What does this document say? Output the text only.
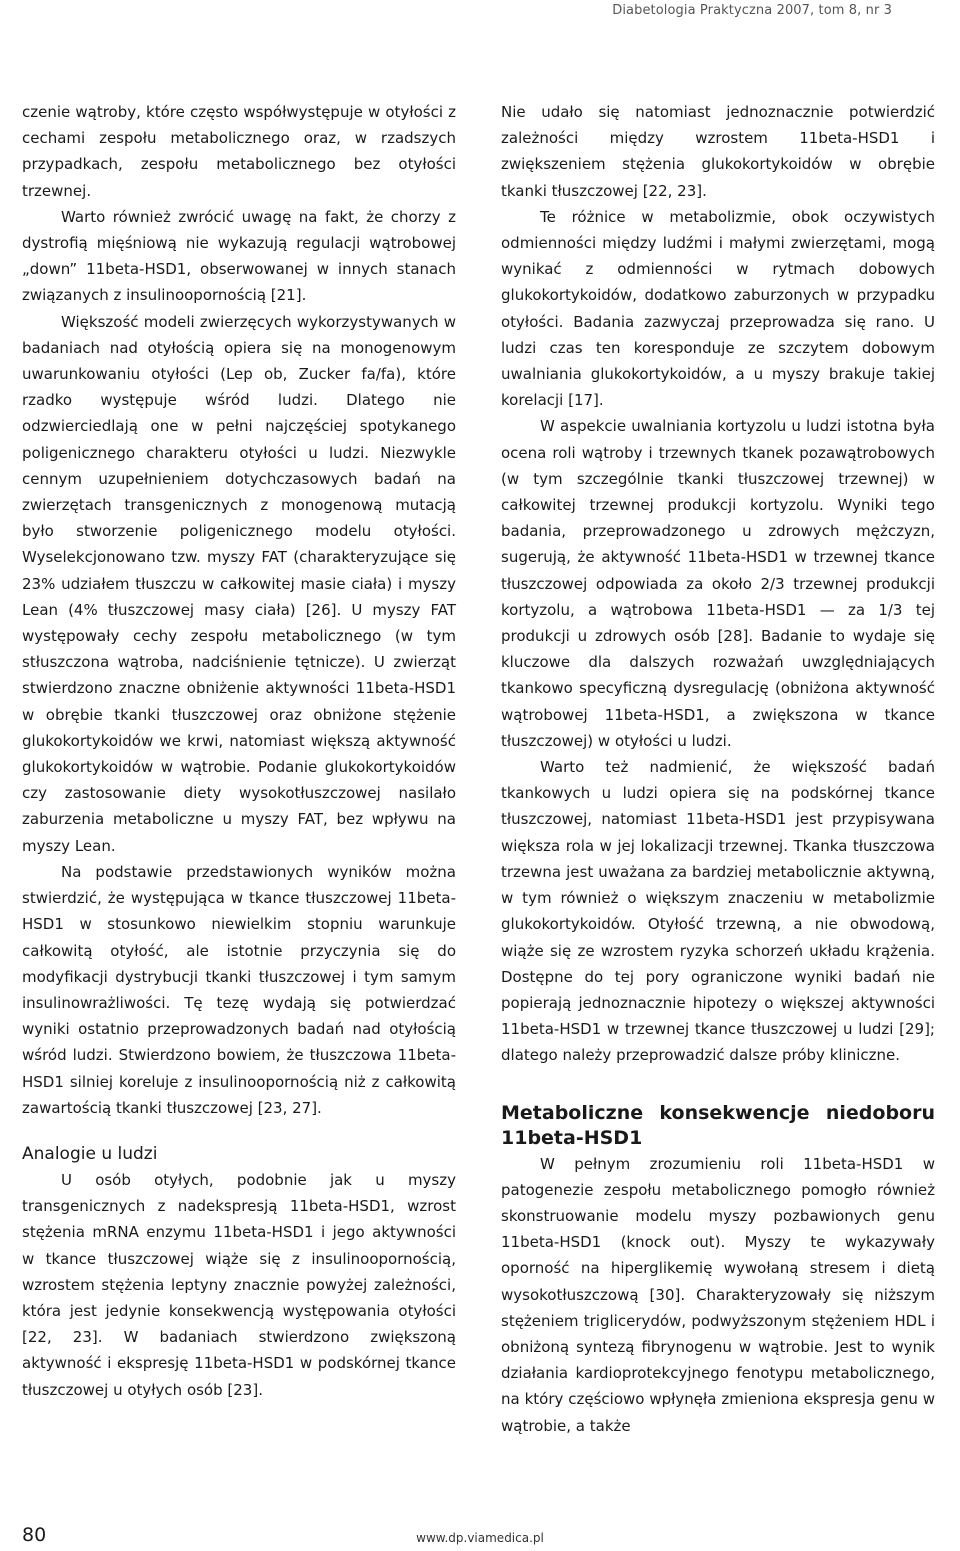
Diabetologia Praktyczna 2007, tom 8, nr 3

czenie wątroby, które często współwystępuje w otyłości z cechami zespołu metabolicznego oraz, w rzadszych przypadkach, zespołu metabolicznego bez otyłości trzewnej.

Warto również zwrócić uwagę na fakt, że chorzy z dystrofią mięśniową nie wykazują regulacji wątrobowej „down” 11beta-HSD1, obserwowanej w innych stanach związanych z insulinoopornością [21].

Większość modeli zwierzęcych wykorzystywanych w badaniach nad otyłością opiera się na monogenowym uwarunkowaniu otyłości (Lep ob, Zucker fa/fa), które rzadko występuje wśród ludzi. Dlatego nie odzwierciedlają one w pełni najczęściej spotykanego poligenicznego charakteru otyłości u ludzi. Niezwykle cennym uzupełnieniem dotychczasowych badań na zwierzętach transgenicznych z monogenową mutacją było stworzenie poligenicznego modelu otyłości. Wyselekcjonowano tzw. myszy FAT (charakteryzujące się 23% udziałem tłuszczu w całkowitej masie ciała) i myszy Lean (4% tłuszczowej masy ciała) [26]. U myszy FAT występowały cechy zespołu metabolicznego (w tym stłuszczona wątroba, nadciśnienie tętnicze). U zwierząt stwierdzono znaczne obniżenie aktywności 11beta-HSD1 w obrębie tkanki tłuszczowej oraz obniżone stężenie glukokortykoidów we krwi, natomiast większą aktywność glukokortykoidów w wątrobie. Podanie glukokortykoidów czy zastosowanie diety wysokotłuszczowej nasilało zaburzenia metaboliczne u myszy FAT, bez wpływu na myszy Lean.

Na podstawie przedstawionych wyników można stwierdzić, że występująca w tkance tłuszczowej 11beta-HSD1 w stosunkowo niewielkim stopniu warunkuje całkowitą otyłość, ale istotnie przyczynia się do modyfikacji dystrybucji tkanki tłuszczowej i tym samym insulinowrażliwości. Tę tezę wydają się potwierdzać wyniki ostatnio przeprowadzonych badań nad otyłością wśród ludzi. Stwierdzono bowiem, że tłuszczowa 11beta-HSD1 silniej koreluje z insulinoopornością niż z całkowitą zawartością tkanki tłuszczowej [23, 27].

Analogie u ludzi

U osób otyłych, podobnie jak u myszy transgenicznych z nadekspresją 11beta-HSD1, wzrost stężenia mRNA enzymu 11beta-HSD1 i jego aktywności w tkance tłuszczowej wiąże się z insulinoopornością, wzrostem stężenia leptyny znacznie powyżej zależności, która jest jedynie konsekwencją występowania otyłości [22, 23]. W badaniach stwierdzono zwiększoną aktywność i ekspresję 11beta-HSD1 w podskórnej tkance tłuszczowej u otyłych osób [23].

Nie udało się natomiast jednoznacznie potwierdzić zależności między wzrostem 11beta-HSD1 i zwiększeniem stężenia glukokortykoidów w obrębie tkanki tłuszczowej [22, 23].

Te różnice w metabolizmie, obok oczywistych odmienności między ludźmi i małymi zwierzętami, mogą wynikać z odmienności w rytmach dobowych glukokortykoidów, dodatkowo zaburzonych w przypadku otyłości. Badania zazwyczaj przeprowadza się rano. U ludzi czas ten koresponduje ze szczytem dobowym uwalniania glukokortykoidów, a u myszy brakuje takiej korelacji [17].

W aspekcie uwalniania kortyzolu u ludzi istotna była ocena roli wątroby i trzewnych tkanek pozawątrobowych (w tym szczególnie tkanki tłuszczowej trzewnej) w całkowitej trzewnej produkcji kortyzolu. Wyniki tego badania, przeprowadzonego u zdrowych mężczyzn, sugerują, że aktywność 11beta-HSD1 w trzewnej tkance tłuszczowej odpowiada za około 2/3 trzewnej produkcji kortyzolu, a wątrobowa 11beta-HSD1 — za 1/3 tej produkcji u zdrowych osób [28]. Badanie to wydaje się kluczowe dla dalszych rozważań uwzględniających tkankowo specyficzną dysregulację (obniżona aktywność wątrobowej 11beta-HSD1, a zwiększona w tkance tłuszczowej) w otyłości u ludzi.

Warto też nadmienić, że większość badań tkankowych u ludzi opiera się na podskórnej tkance tłuszczowej, natomiast 11beta-HSD1 jest przypisywana większa rola w jej lokalizacji trzewnej. Tkanka tłuszczowa trzewna jest uważana za bardziej metabolicznie aktywną, w tym również o większym znaczeniu w metabolizmie glukokortykoidów. Otyłość trzewną, a nie obwodową, wiąże się ze wzrostem ryzyka schorzeń układu krążenia. Dostępne do tej pory ograniczone wyniki badań nie popierają jednoznacznie hipotezy o większej aktywności 11beta-HSD1 w trzewnej tkance tłuszczowej u ludzi [29]; dlatego należy przeprowadzić dalsze próby kliniczne.

Metaboliczne konsekwencje niedoboru 11beta-HSD1

W pełnym zrozumieniu roli 11beta-HSD1 w patogenezie zespołu metabolicznego pomogło również skonstruowanie modelu myszy pozbawionych genu 11beta-HSD1 (knock out). Myszy te wykazywały oporność na hiperglikemię wywołaną stresem i dietą wysokotłuszczową [30]. Charakteryzowały się niższym stężeniem triglicerydów, podwyższonym stężeniem HDL i obniżoną syntezą fibrynogenu w wątrobie. Jest to wynik działania kardioprotekcyjnego fenotypu metabolicznego, na który częściowo wpłynęła zmieniona ekspresja genu w wątrobie, a także

80	www.dp.viamedica.pl
